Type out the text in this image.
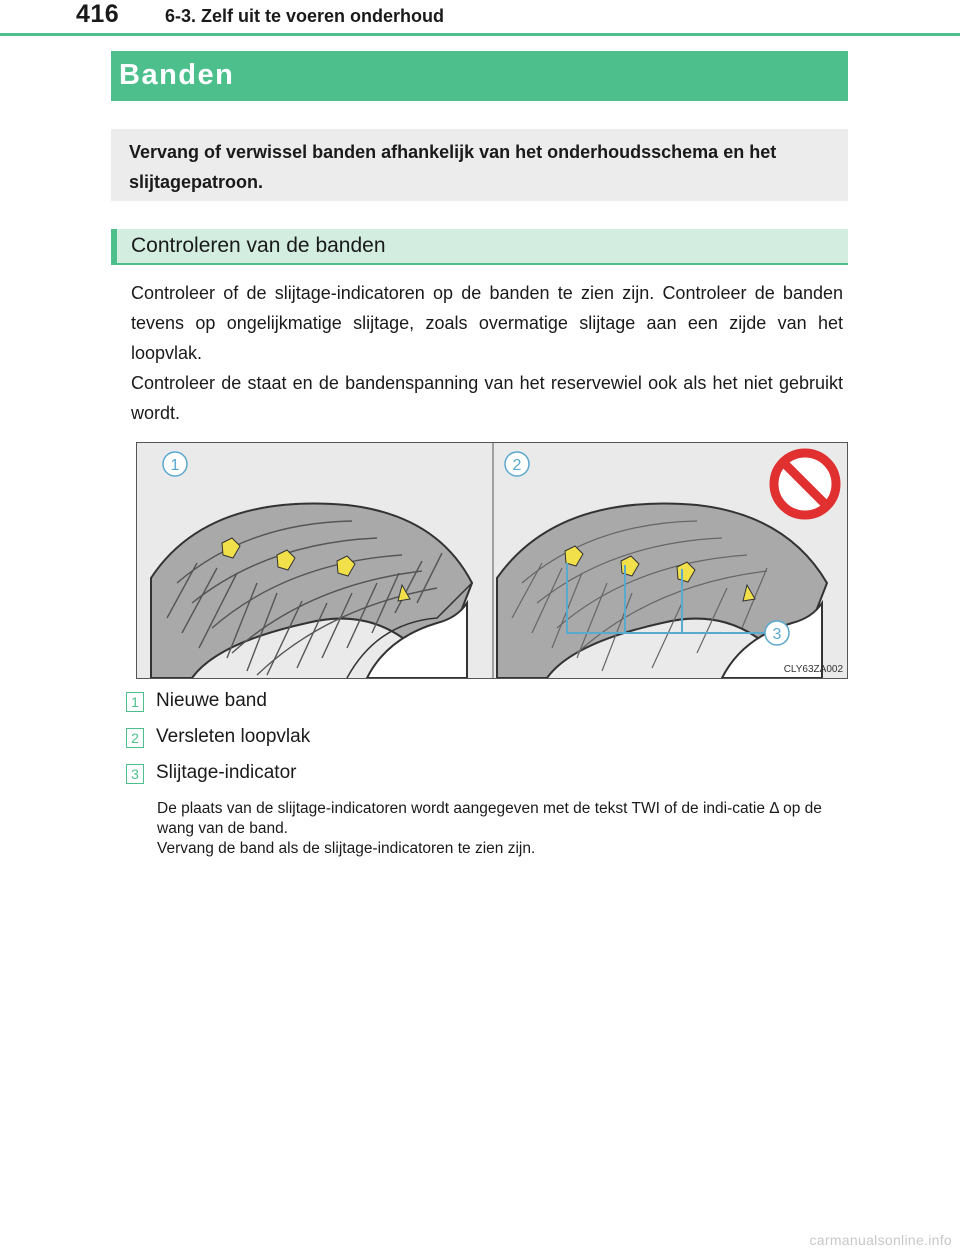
416	6-3. Zelf uit te voeren onderhoud
Banden
Vervang of verwissel banden afhankelijk van het onderhoudsschema en het slijtagepatroon.
Controleren van de banden

Controleer of de slijtage-indicatoren op de banden te zien zijn. Controleer de banden tevens op ongelijkmatige slijtage, zoals overmatige slijtage aan een zijde van het loopvlak.

Controleer de staat en de bandenspanning van het reservewiel ook als het niet gebruikt wordt.

1	2
3
CLY63ZA002
1 Nieuwe band
2 Versleten loopvlak
3 Slijtage-indicator

De plaats van de slijtage-indicatoren wordt aangegeven met de tekst TWI of de indi-catie Δ op de wang van de band.

Vervang de band als de slijtage-indicatoren te zien zijn.

carmanualsonline.info
